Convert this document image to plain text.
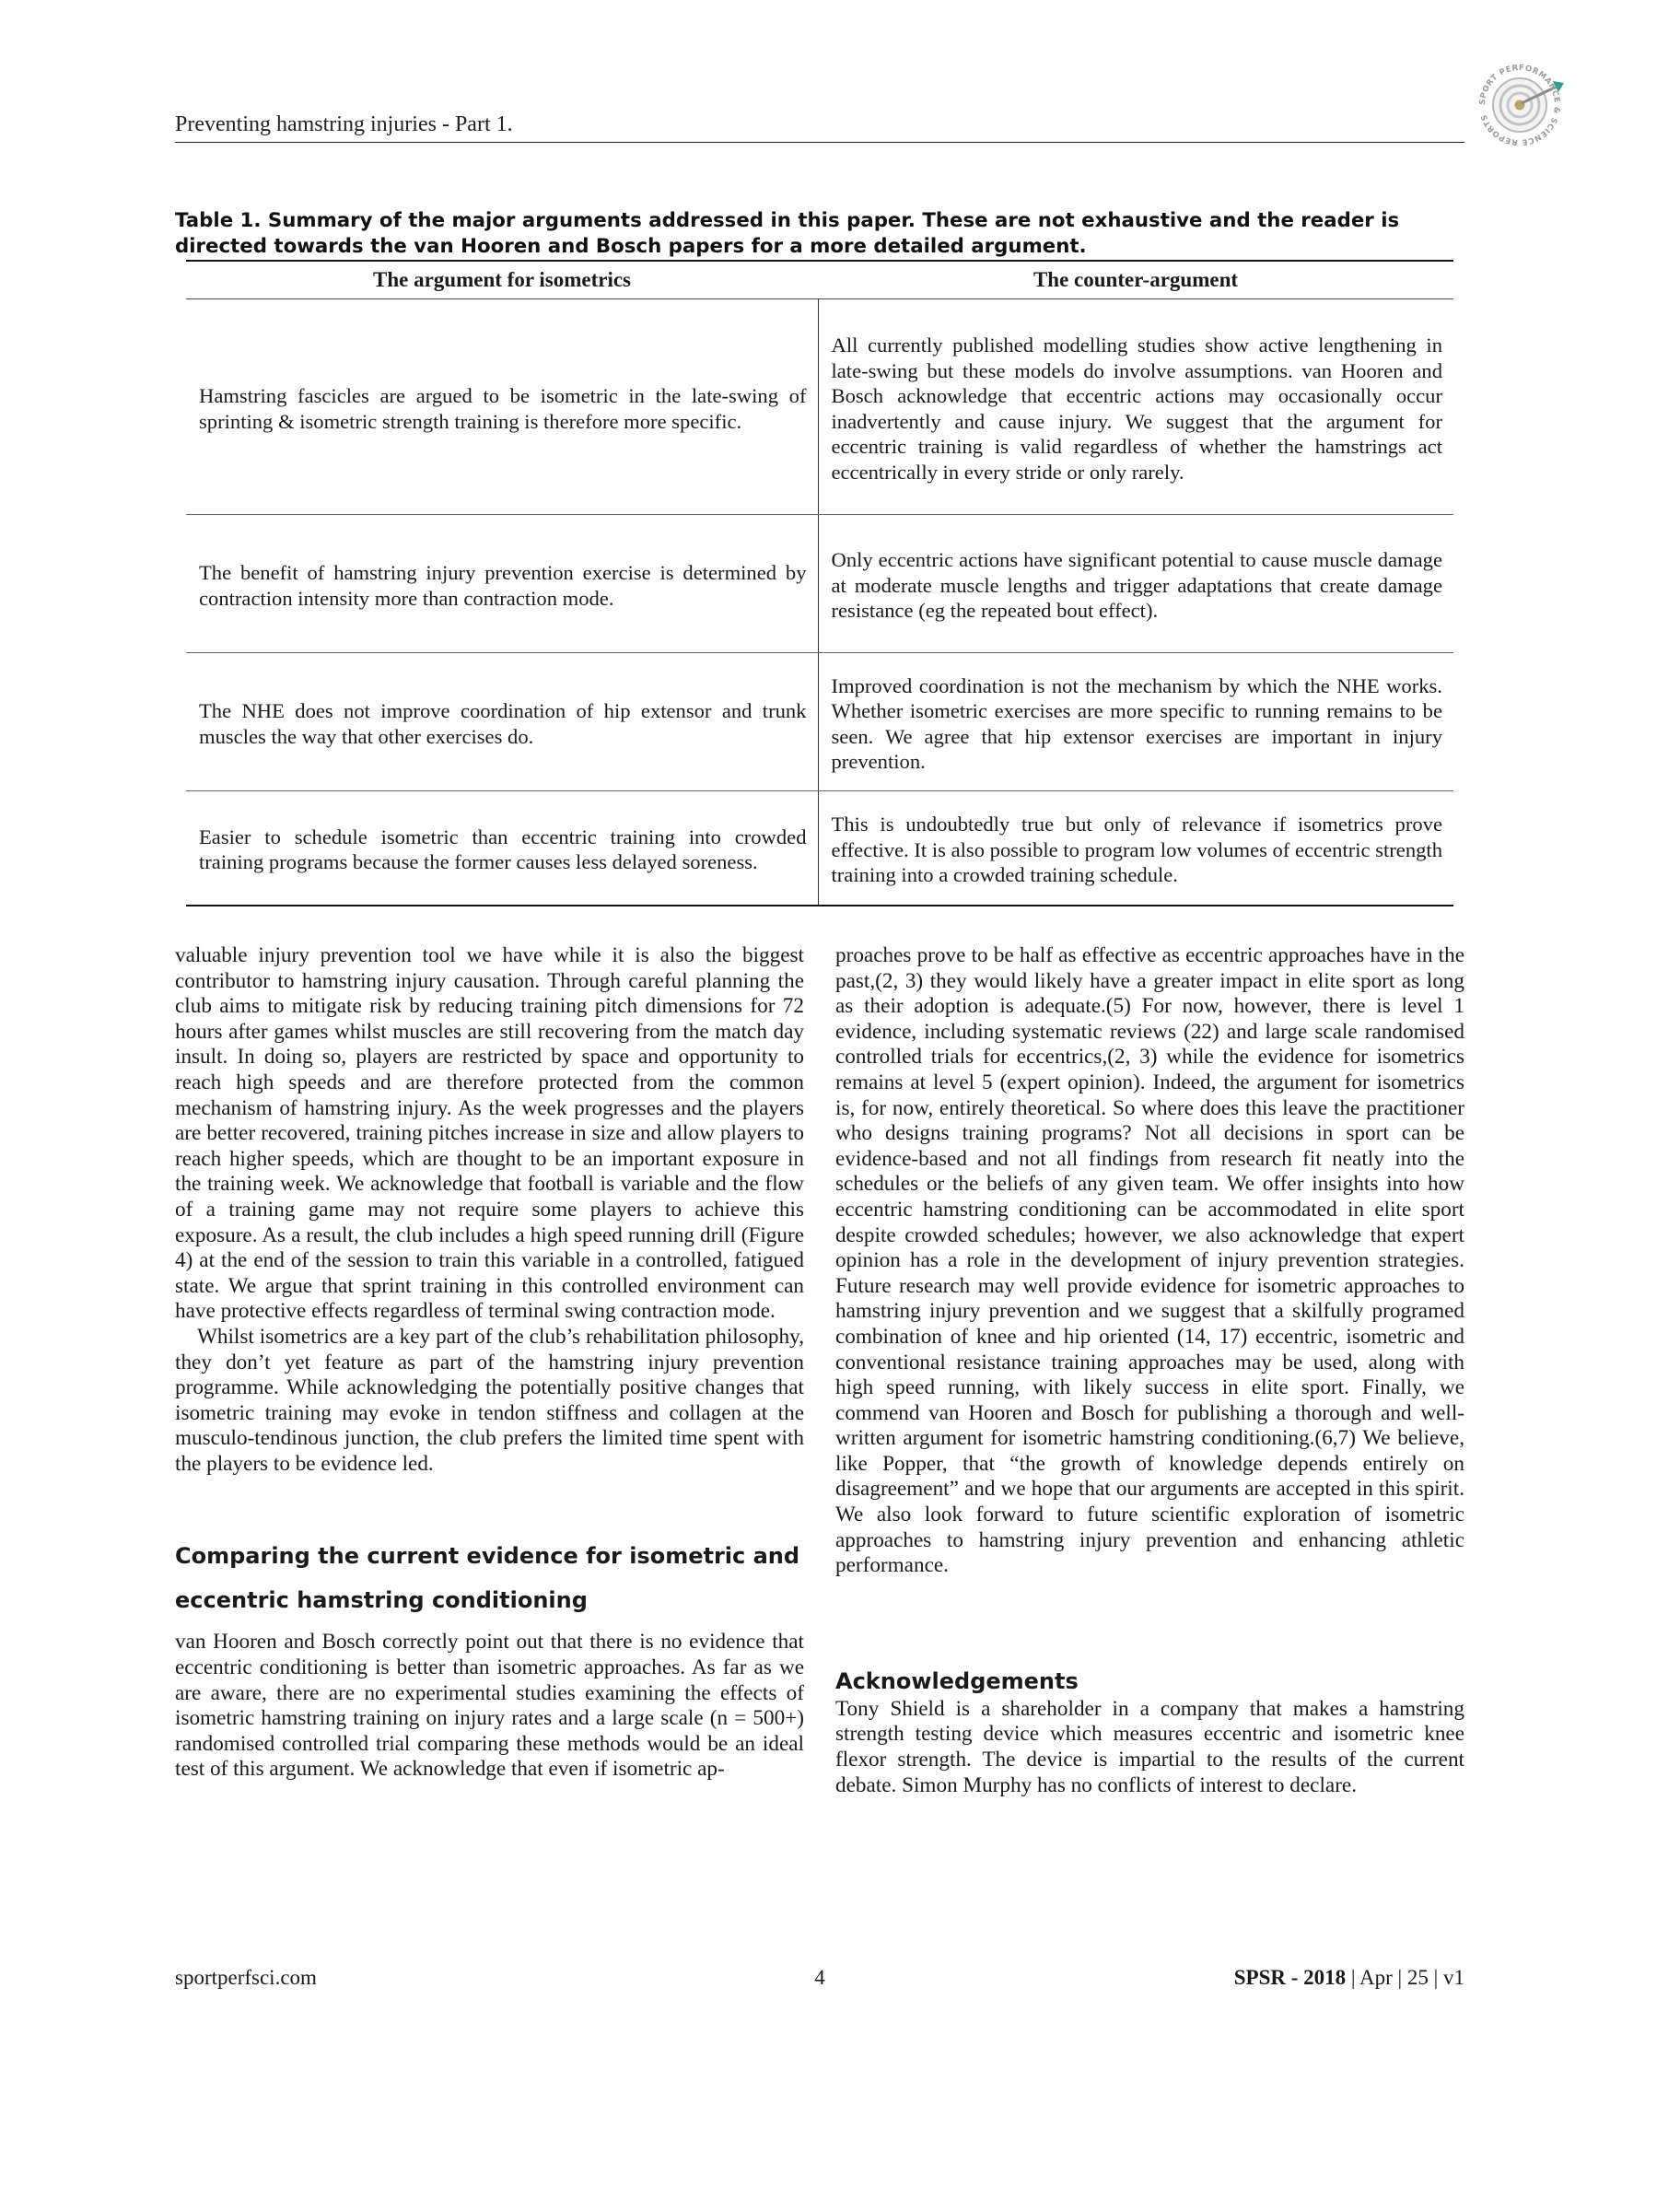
Preventing hamstring injuries - Part 1.
SPORT PERFORMANCE & SCIENCE REPORTS
Table 1. Summary of the major arguments addressed in this paper. These are not exhaustive and the reader is directed towards the van Hooren and Bosch papers for a more detailed argument.
The argument for isometrics	The counter-argument
Hamstring fascicles are argued to be isometric in the late-swing of sprinting & isometric strength training is therefore more specific.	All currently published modelling studies show active lengthening in late-swing but these models do involve assumptions. van Hooren and Bosch acknowledge that eccentric actions may occasionally occur inadvertently and cause injury. We suggest that the argument for eccentric training is valid regardless of whether the hamstrings act eccentrically in every stride or only rarely.
The benefit of hamstring injury prevention exercise is determined by contraction intensity more than contraction mode.	Only eccentric actions have significant potential to cause muscle damage at moderate muscle lengths and trigger adaptations that create damage resistance (eg the repeated bout effect).
The NHE does not improve coordination of hip extensor and trunk muscles the way that other exercises do.	Improved coordination is not the mechanism by which the NHE works. Whether isometric exercises are more specific to running remains to be seen. We agree that hip extensor exercises are important in injury prevention.
Easier to schedule isometric than eccentric training into crowded training programs because the former causes less delayed soreness.	This is undoubtedly true but only of relevance if isometrics prove effective. It is also possible to program low volumes of eccentric strength training into a crowded training schedule.

valuable injury prevention tool we have while it is also the biggest contributor to hamstring injury causation. Through careful planning the club aims to mitigate risk by reducing training pitch dimensions for 72 hours after games whilst muscles are still recovering from the match day insult. In doing so, players are restricted by space and opportunity to reach high speeds and are therefore protected from the common mechanism of hamstring injury. As the week progresses and the players are better recovered, training pitches increase in size and allow players to reach higher speeds, which are thought to be an important exposure in the training week. We acknowledge that football is variable and the flow of a training game may not require some players to achieve this exposure. As a result, the club includes a high speed running drill (Figure 4) at the end of the session to train this variable in a controlled, fatigued state. We argue that sprint training in this controlled environment can have protective effects regardless of terminal swing contraction mode.

Whilst isometrics are a key part of the club’s rehabilitation philosophy, they don’t yet feature as part of the hamstring injury prevention programme. While acknowledging the potentially positive changes that isometric training may evoke in tendon stiffness and collagen at the musculo-tendinous junction, the club prefers the limited time spent with the players to be evidence led.

Comparing the current evidence for isometric and eccentric hamstring conditioning

van Hooren and Bosch correctly point out that there is no evidence that eccentric conditioning is better than isometric approaches. As far as we are aware, there are no experimental studies examining the effects of isometric hamstring training on injury rates and a large scale (n = 500+) randomised controlled trial comparing these methods would be an ideal test of this argument. We acknowledge that even if isometric ap-

proaches prove to be half as effective as eccentric approaches have in the past,(2, 3) they would likely have a greater impact in elite sport as long as their adoption is adequate.(5) For now, however, there is level 1 evidence, including systematic reviews (22) and large scale randomised controlled trials for eccentrics,(2, 3) while the evidence for isometrics remains at level 5 (expert opinion). Indeed, the argument for isometrics is, for now, entirely theoretical. So where does this leave the practitioner who designs training programs? Not all decisions in sport can be evidence-based and not all findings from research fit neatly into the schedules or the beliefs of any given team. We offer insights into how eccentric hamstring conditioning can be accommodated in elite sport despite crowded schedules; however, we also acknowledge that expert opinion has a role in the development of injury prevention strategies. Future research may well provide evidence for isometric approaches to hamstring injury prevention and we suggest that a skilfully programed combination of knee and hip oriented (14, 17) eccentric, isometric and conventional resistance training approaches may be used, along with high speed running, with likely success in elite sport. Finally, we commend van Hooren and Bosch for publishing a thorough and well-written argument for isometric hamstring conditioning.(6,7) We believe, like Popper, that “the growth of knowledge depends entirely on disagreement” and we hope that our arguments are accepted in this spirit. We also look forward to future scientific exploration of isometric approaches to hamstring injury prevention and enhancing athletic performance.

Acknowledgements

Tony Shield is a shareholder in a company that makes a hamstring strength testing device which measures eccentric and isometric knee flexor strength. The device is impartial to the results of the current debate. Simon Murphy has no conflicts of interest to declare.

sportperfsci.com	4	SPSR - 2018 | Apr | 25 | v1
